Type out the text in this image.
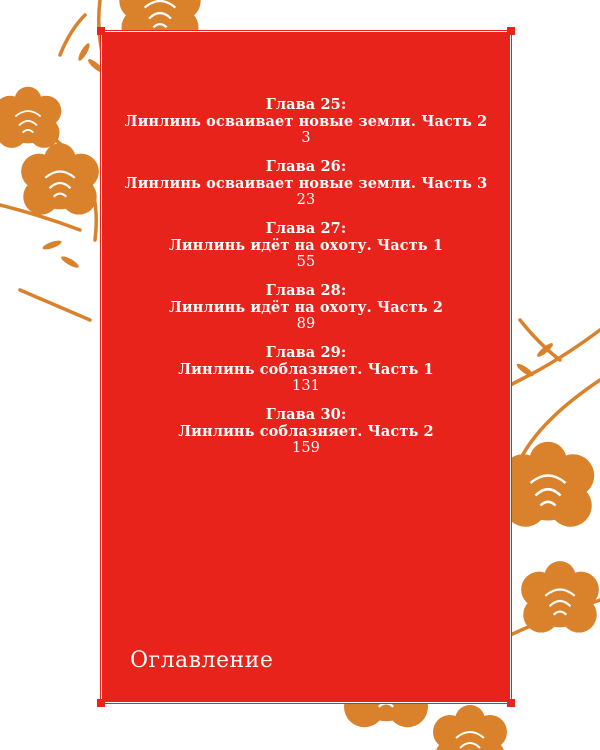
Глава 25:
Линлинь осваивает новые земли. Часть 2
3
Глава 26:
Линлинь осваивает новые земли. Часть 3
23
Глава 27:
Линлинь идёт на охоту. Часть 1
55
Глава 28:
Линлинь идёт на охоту. Часть 2
89
Глава 29:
Линлинь соблазняет. Часть 1
131
Глава 30:
Линлинь соблазняет. Часть 2
159
Оглавление
